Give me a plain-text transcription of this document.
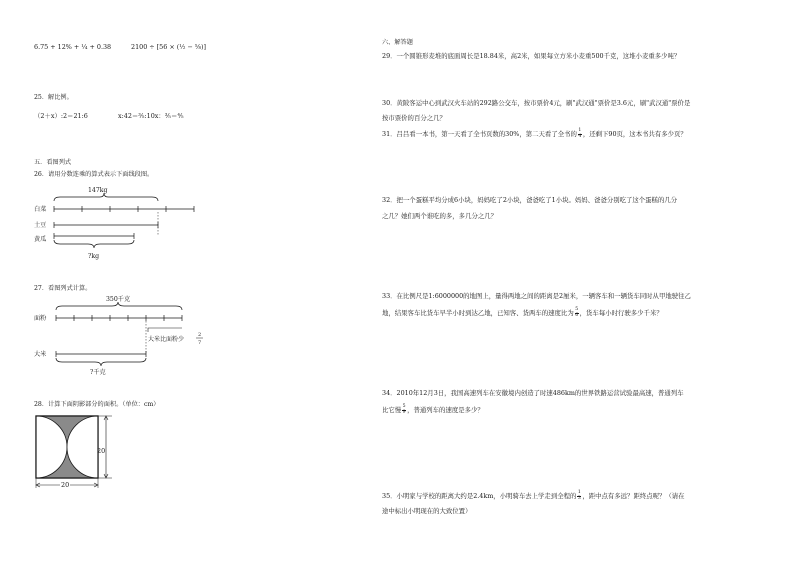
6.75 + 12% + ¼ + 0.38	2100 ÷ [56 × (½ − ⅝)]
25．解比例。
（2＋x）:2＝21:6	x:42＝⅗:10x：⅗＝⅘
五．看图列式
26．请用分数连乘的算式表示下面线段图。
147kg
白菜
土豆
黄瓜
?kg
27．看图列式计算。
350千克
面粉
大米比面粉少
2
7
大米
?千克
28．计算下面阴影部分的面积。（单位：cm）
20
20
六、解答题
29．一个圆锥形麦堆的底面周长是18.84米，高2米，如果每立方米小麦重500千克，这堆小麦重多少吨？
30．黄陂客运中心到武汉火车站的292路公交车，按市票价4元，刷"武汉通"票价是3.6元，刷"武汉通"票价是
按市票价的百分之几？
31．吕吕看一本书，第一天看了全书页数的30%，第二天看了全书的 $\frac{1}{4}$ ，还剩下90页，这本书共有多少页？
32．把一个蛋糕平均分成6小块，妈妈吃了2小块，爸爸吃了1小块。妈妈、爸爸分别吃了这个蛋糕的几分
之几？她们两个谁吃的多，多几分之几？
33．在比例尺是1:6000000的地图上，量得两地之间的距离是2厘米，一辆客车和一辆货车同时从甲地驶往乙
地，结果客车比货车早半小时到达乙地，已知客、货两车的速度比为 $\frac{5}{6}$ ，货车每小时行驶多少千米？
34．2010年12月3日，我国高速列车在安徽境内创造了时速486km的世界铁路运营试验最高速，普通列车
比它慢 $\frac{5}{9}$ ，普通列车的速度是多少？
35．小明家与学校的距离大约是2.4km，小明骑车去上学走到全程的 $\frac{1}{3}$ ，距中点有多远？距终点呢？（请在
途中标出小明现在的大致位置）
